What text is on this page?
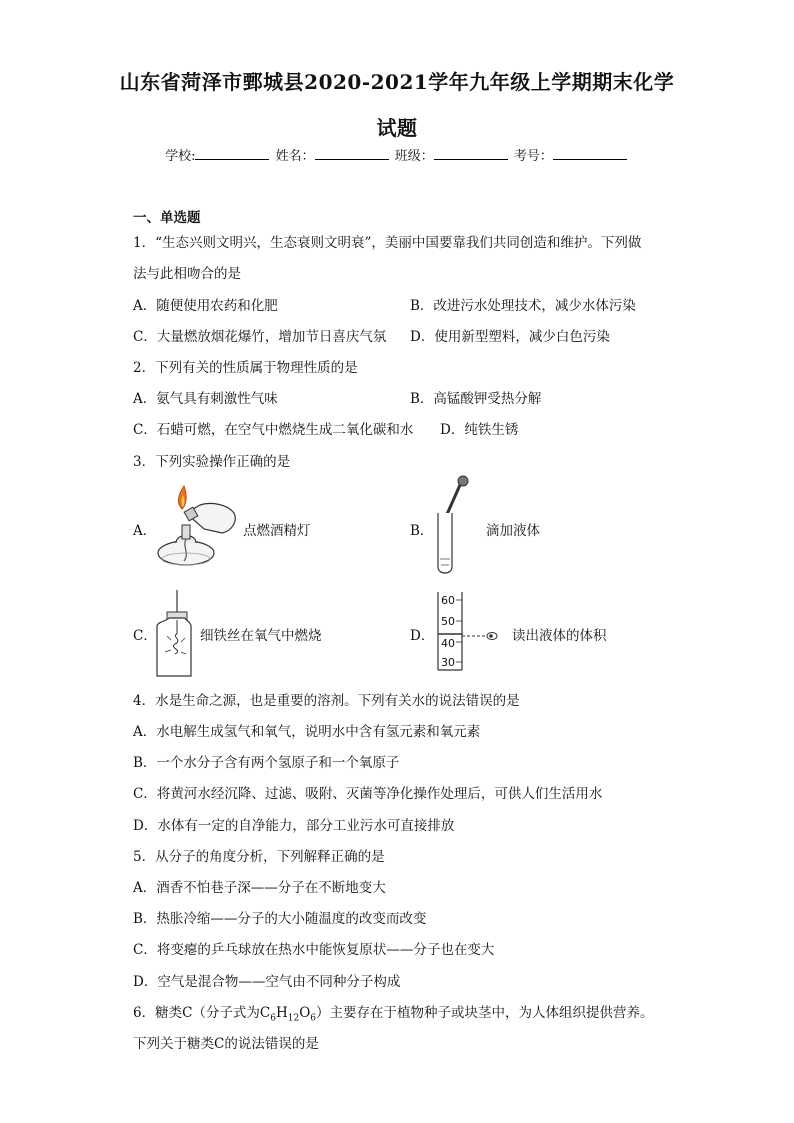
山东省菏泽市鄄城县2020-2021学年九年级上学期期末化学
试题
学校:	姓名：	班级：	考号：
一、单选题
1．“生态兴则文明兴，生态衰则文明衰”，美丽中国要靠我们共同创造和维护。下列做
法与此相吻合的是
A．随便使用农药和化肥	B．改进污水处理技术，减少水体污染
C．大量燃放烟花爆竹，增加节日喜庆气氛 D．使用新型塑料，减少白色污染
2．下列有关的性质属于物理性质的是
A．氨气具有刺激性气味	B．高锰酸钾受热分解
C．石蜡可燃，在空气中燃烧生成二氧化碳和水 D．纯铁生锈
3．下列实验操作正确的是
A．	点燃酒精灯	B．	滴加液体
C．	细铁丝在氧气中燃烧	D．
60
50
40
30
读出液体的体积
4．水是生命之源，也是重要的溶剂。下列有关水的说法错误的是
A．水电解生成氢气和氧气，说明水中含有氢元素和氧元素
B．一个水分子含有两个氢原子和一个氧原子
C．将黄河水经沉降、过滤、吸附、灭菌等净化操作处理后，可供人们生活用水
D．水体有一定的自净能力，部分工业污水可直接排放
5．从分子的角度分析，下列解释正确的是
A．酒香不怕巷子深——分子在不断地变大
B．热胀冷缩——分子的大小随温度的改变而改变
C．将变瘪的乒乓球放在热水中能恢复原状——分子也在变大
D．空气是混合物——空气由不同种分子构成
6．糖类C（分子式为$C_6H_{12}O_6$）主要存在于植物种子或块茎中，为人体组织提供营养。
下列关于糖类C的说法错误的是
